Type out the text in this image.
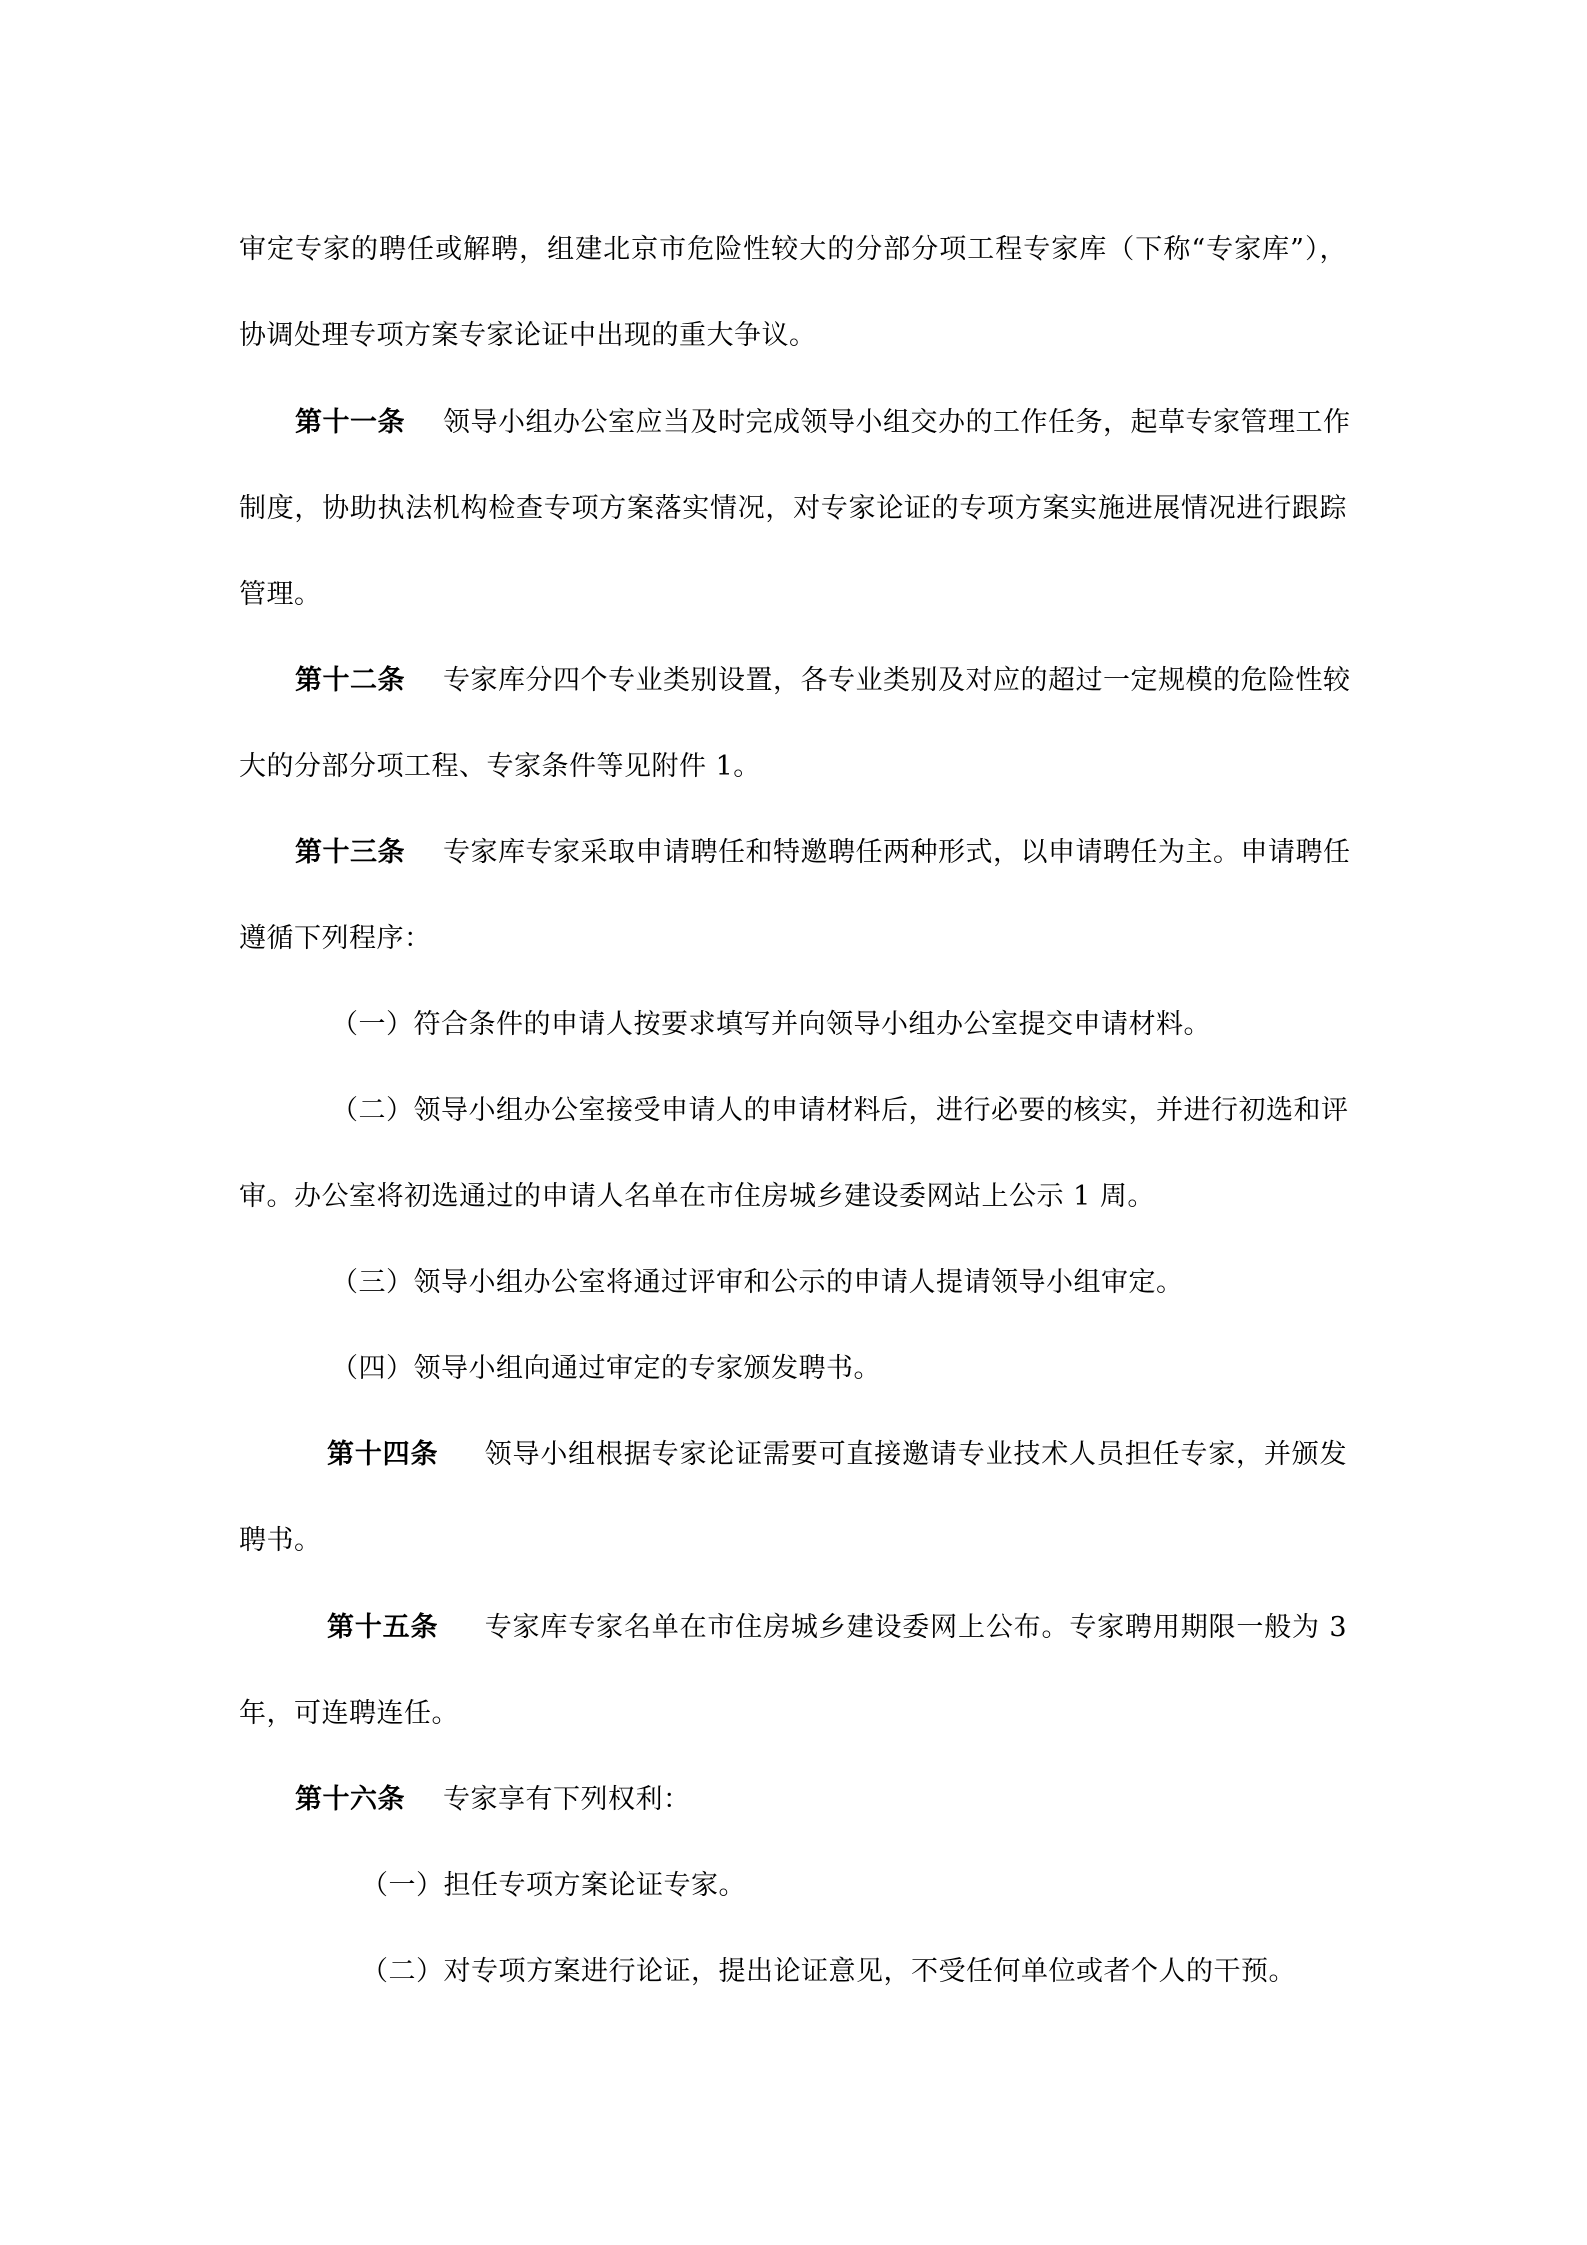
审定专家的聘任或解聘，组建北京市危险性较大的分部分项工程专家库（下称“专家库”），
协调处理专项方案专家论证中出现的重大争议。
第十一条 领导小组办公室应当及时完成领导小组交办的工作任务，起草专家管理工作
制度，协助执法机构检查专项方案落实情况，对专家论证的专项方案实施进展情况进行跟踪
管理。
第十二条 专家库分四个专业类别设置，各专业类别及对应的超过一定规模的危险性较
大的分部分项工程、专家条件等见附件 1。
第十三条 专家库专家采取申请聘任和特邀聘任两种形式，以申请聘任为主。申请聘任
遵循下列程序：
（一）符合条件的申请人按要求填写并向领导小组办公室提交申请材料。
（二）领导小组办公室接受申请人的申请材料后，进行必要的核实，并进行初选和评
审。办公室将初选通过的申请人名单在市住房城乡建设委网站上公示 1 周。
（三）领导小组办公室将通过评审和公示的申请人提请领导小组审定。
（四）领导小组向通过审定的专家颁发聘书。
第十四条 领导小组根据专家论证需要可直接邀请专业技术人员担任专家，并颁发
聘书。
第十五条 专家库专家名单在市住房城乡建设委网上公布。专家聘用期限一般为 3
年，可连聘连任。
第十六条 专家享有下列权利：
（一）担任专项方案论证专家。
（二）对专项方案进行论证，提出论证意见，不受任何单位或者个人的干预。
